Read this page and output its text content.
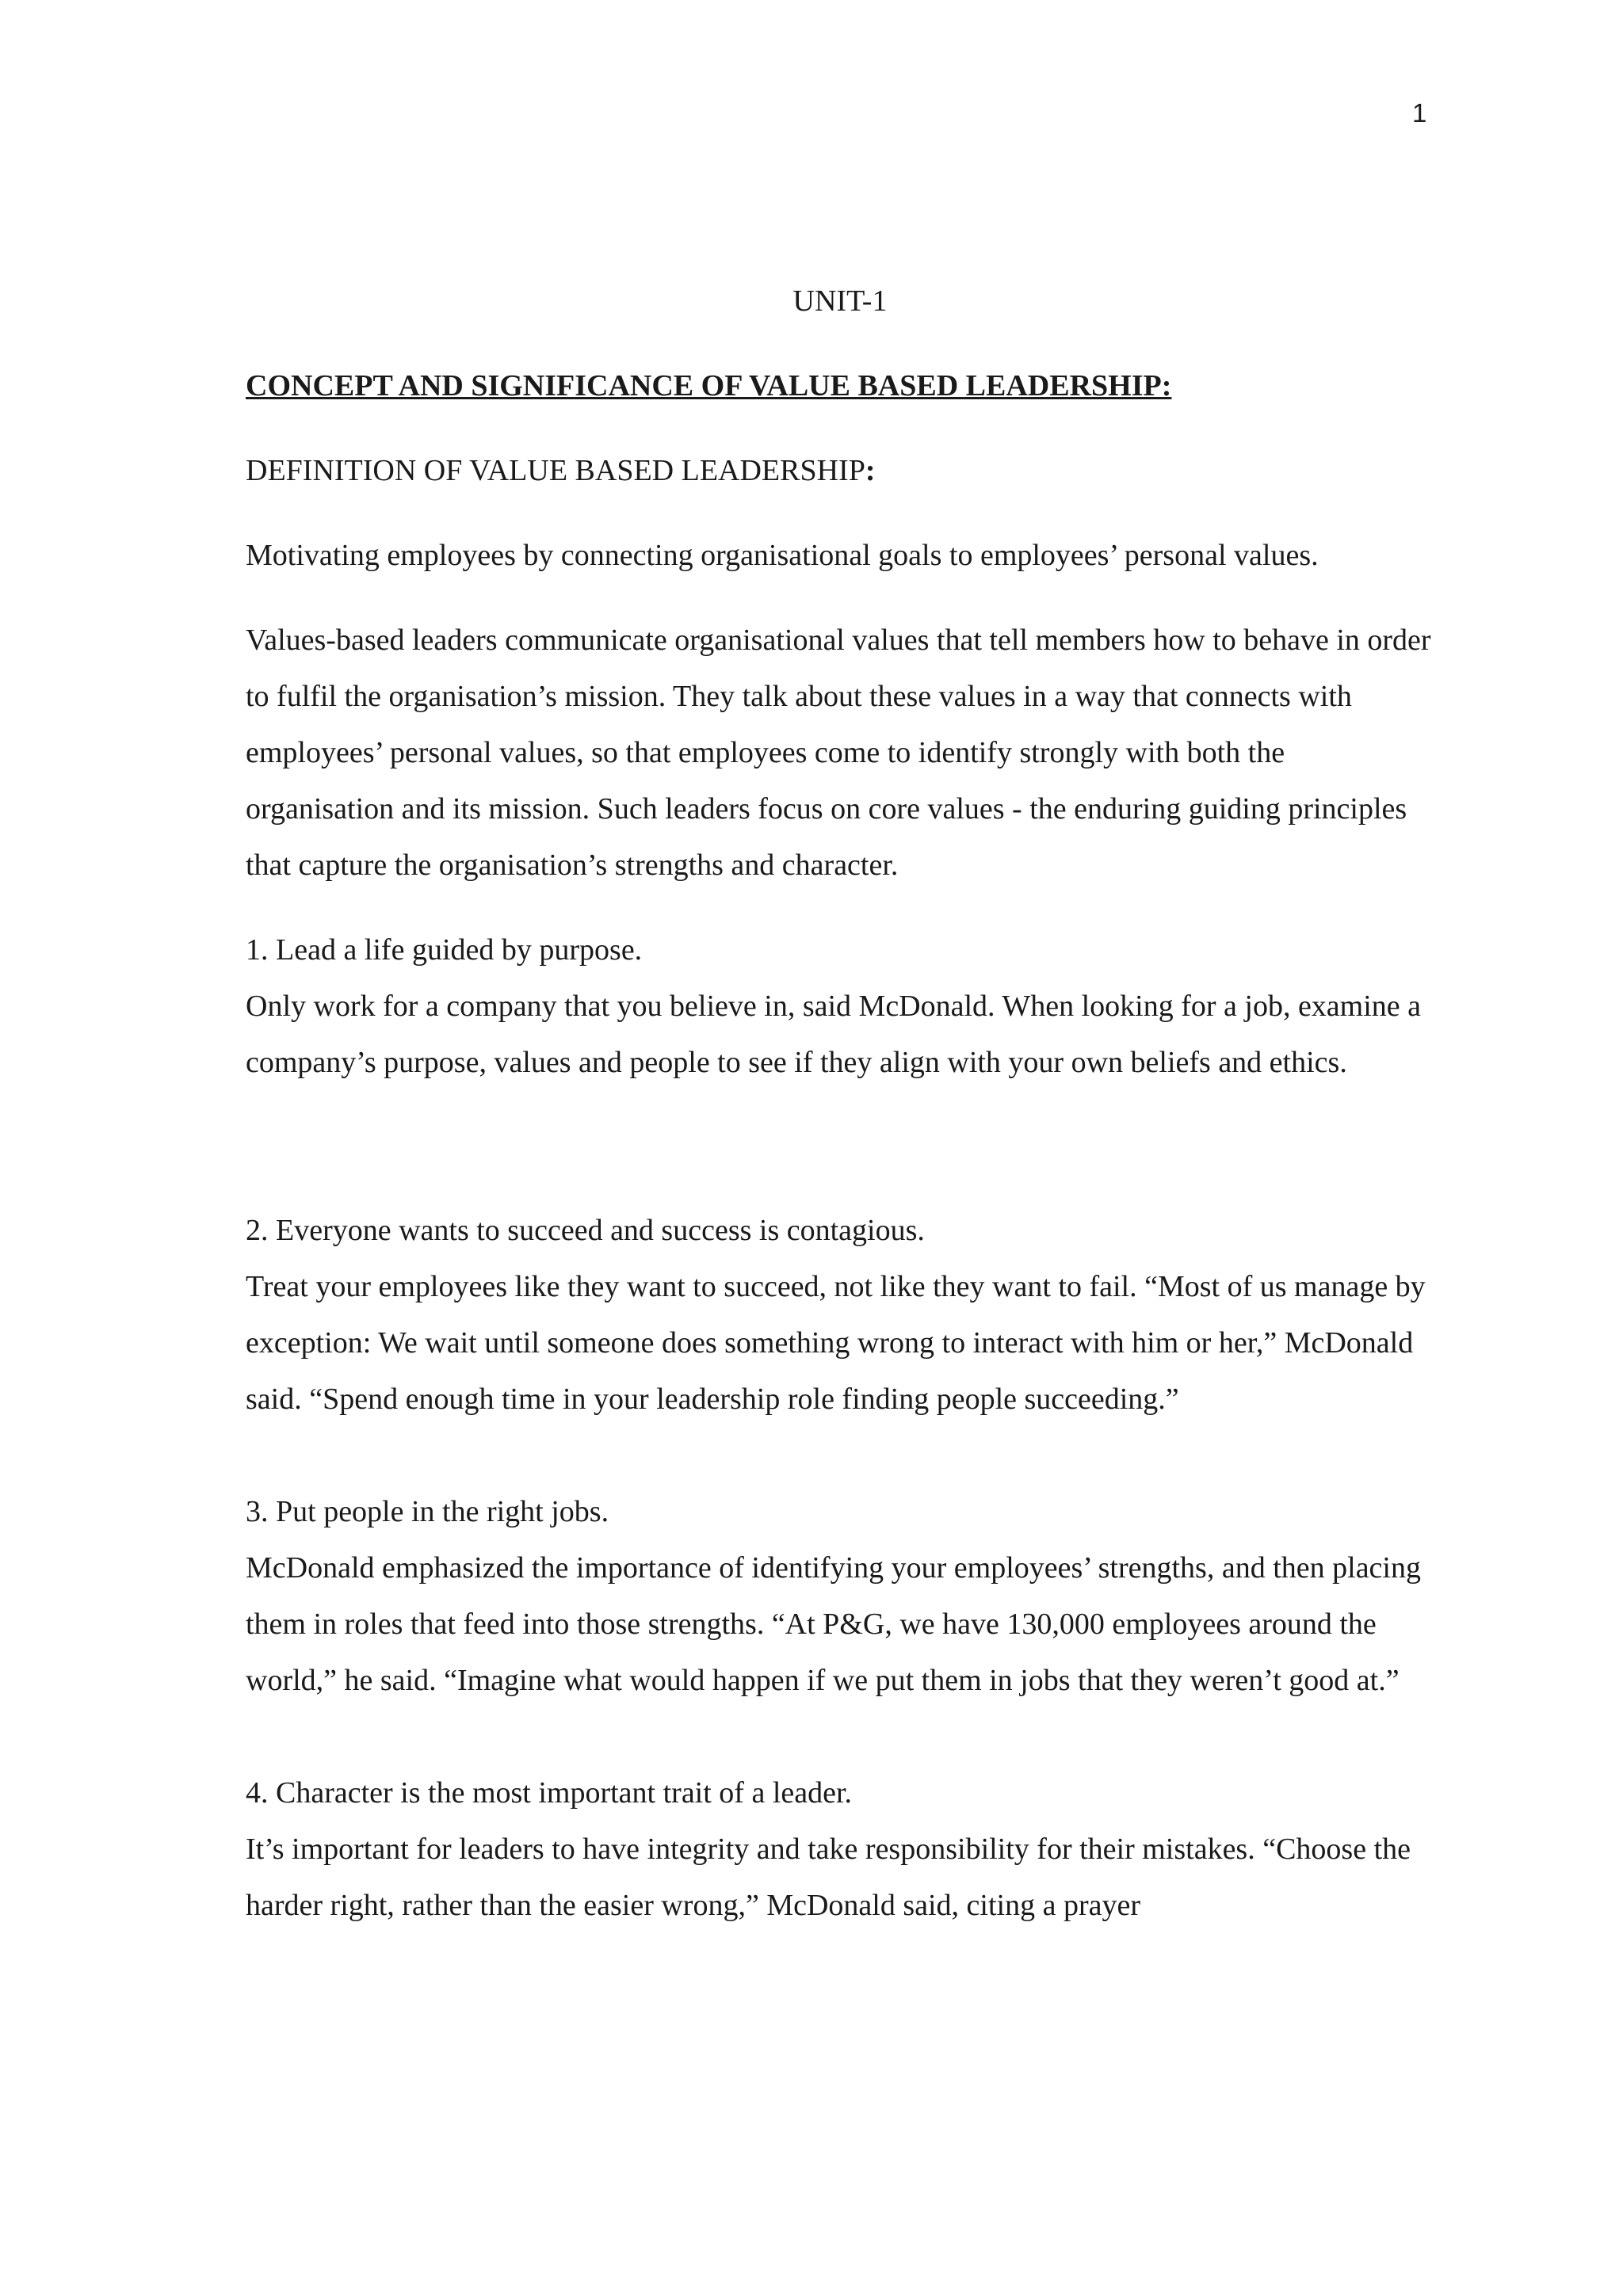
1
UNIT-1
CONCEPT AND SIGNIFICANCE OF VALUE BASED LEADERSHIP:
DEFINITION OF VALUE BASED LEADERSHIP:

Motivating employees by connecting organisational goals to employees’ personal values.

Values-based leaders communicate organisational values that tell members how to behave in order to fulfil the organisation’s mission. They talk about these values in a way that connects with employees’ personal values, so that employees come to identify strongly with both the organisation and its mission. Such leaders focus on core values - the enduring guiding principles that capture the organisation’s strengths and character.

1. Lead a life guided by purpose.

Only work for a company that you believe in, said McDonald. When looking for a job, examine a company’s purpose, values and people to see if they align with your own beliefs and ethics.

2. Everyone wants to succeed and success is contagious.

Treat your employees like they want to succeed, not like they want to fail. “Most of us manage by exception: We wait until someone does something wrong to interact with him or her,” McDonald said. “Spend enough time in your leadership role finding people succeeding.”

3. Put people in the right jobs.

McDonald emphasized the importance of identifying your employees’ strengths, and then placing them in roles that feed into those strengths. “At P&G, we have 130,000 employees around the world,” he said. “Imagine what would happen if we put them in jobs that they weren’t good at.”

4. Character is the most important trait of a leader.

It’s important for leaders to have integrity and take responsibility for their mistakes. “Choose the harder right, rather than the easier wrong,” McDonald said, citing a prayer
